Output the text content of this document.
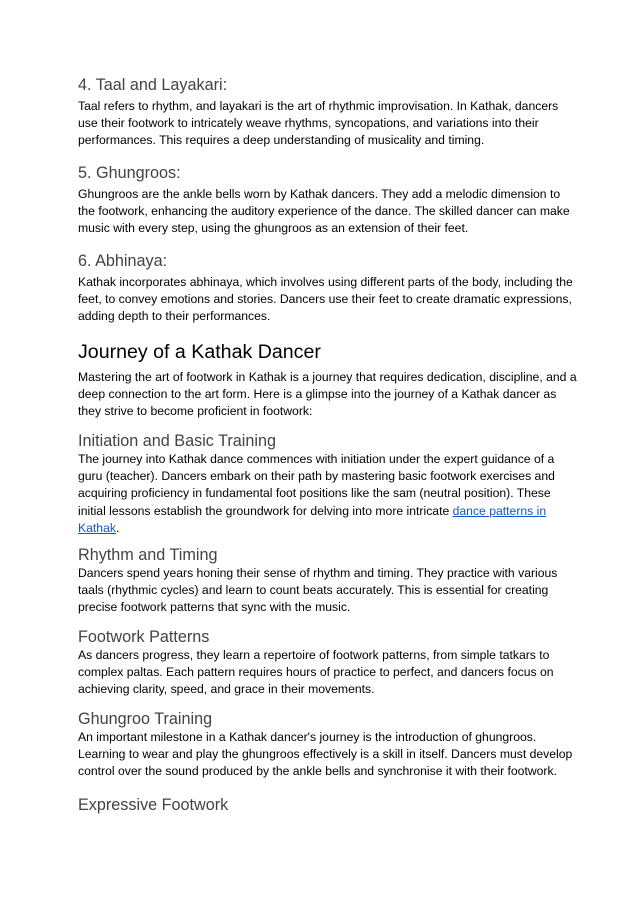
4. Taal and Layakari:

Taal refers to rhythm, and layakari is the art of rhythmic improvisation. In Kathak, dancers
use their footwork to intricately weave rhythms, syncopations, and variations into their
performances. This requires a deep understanding of musicality and timing.

5. Ghungroos:

Ghungroos are the ankle bells worn by Kathak dancers. They add a melodic dimension to
the footwork, enhancing the auditory experience of the dance. The skilled dancer can make
music with every step, using the ghungroos as an extension of their feet.

6. Abhinaya:

Kathak incorporates abhinaya, which involves using different parts of the body, including the
feet, to convey emotions and stories. Dancers use their feet to create dramatic expressions,
adding depth to their performances.

Journey of a Kathak Dancer

Mastering the art of footwork in Kathak is a journey that requires dedication, discipline, and a
deep connection to the art form. Here is a glimpse into the journey of a Kathak dancer as
they strive to become proficient in footwork:

Initiation and Basic Training

The journey into Kathak dance commences with initiation under the expert guidance of a
guru (teacher). Dancers embark on their path by mastering basic footwork exercises and
acquiring proficiency in fundamental foot positions like the sam (neutral position). These
initial lessons establish the groundwork for delving into more intricate dance patterns in
Kathak.

Rhythm and Timing

Dancers spend years honing their sense of rhythm and timing. They practice with various
taals (rhythmic cycles) and learn to count beats accurately. This is essential for creating
precise footwork patterns that sync with the music.

Footwork Patterns

As dancers progress, they learn a repertoire of footwork patterns, from simple tatkars to
complex paltas. Each pattern requires hours of practice to perfect, and dancers focus on
achieving clarity, speed, and grace in their movements.

Ghungroo Training

An important milestone in a Kathak dancer's journey is the introduction of ghungroos.
Learning to wear and play the ghungroos effectively is a skill in itself. Dancers must develop
control over the sound produced by the ankle bells and synchronise it with their footwork.

Expressive Footwork
